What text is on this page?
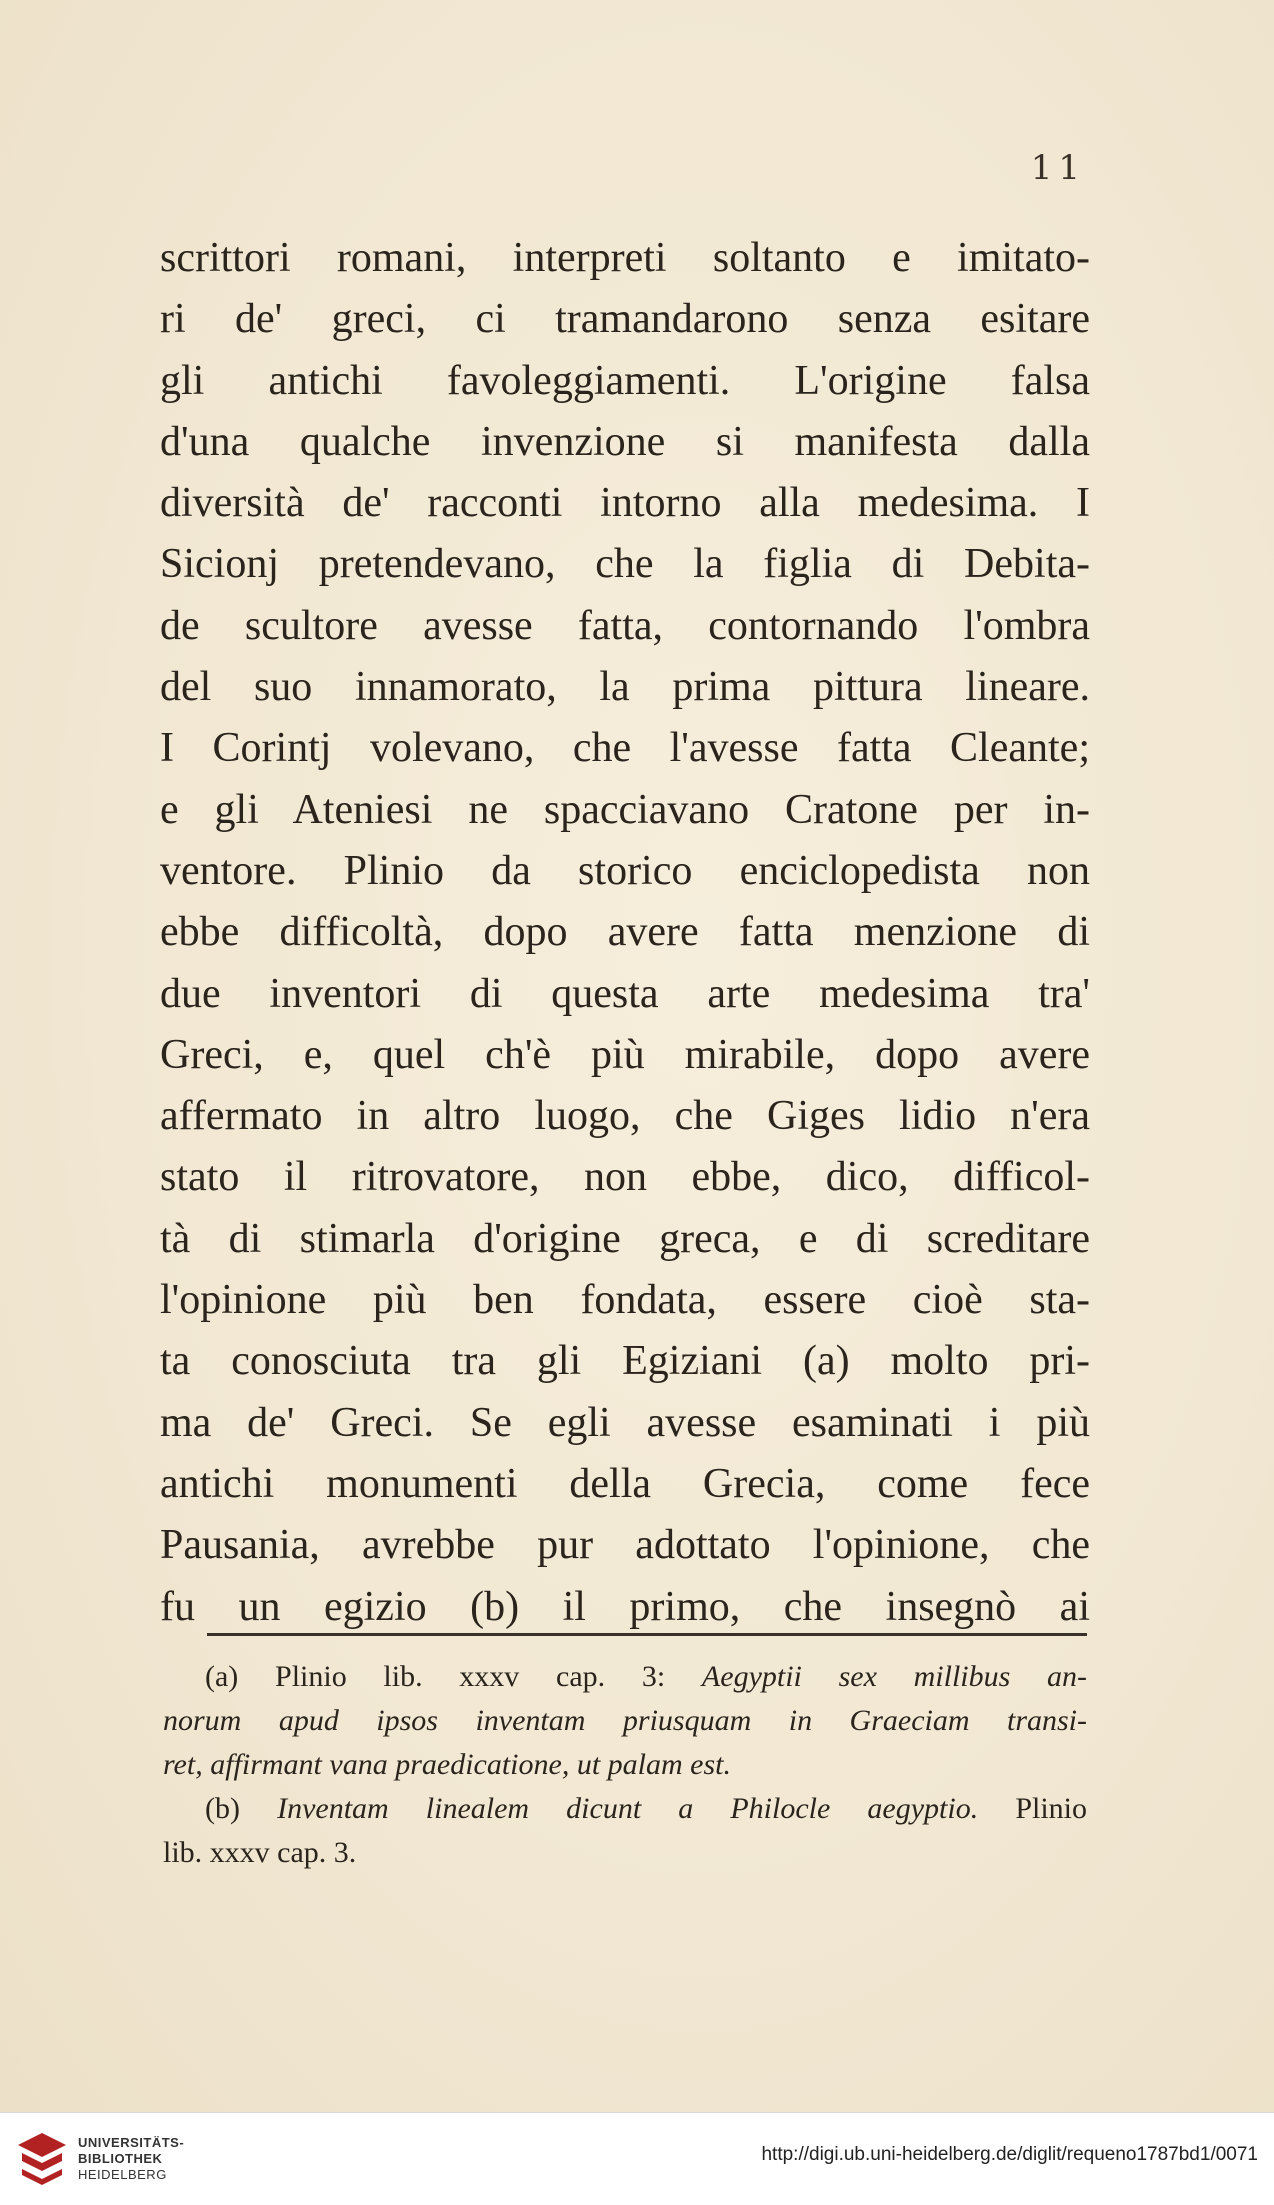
11
scrittori romani, interpreti soltanto e imitato-
ri de' greci, ci tramandarono senza esitare
gli antichi favoleggiamenti. L'origine falsa
d'una qualche invenzione si manifesta dalla
diversità de' racconti intorno alla medesima. I
Sicionj pretendevano, che la figlia di Debita-
de scultore avesse fatta, contornando l'ombra
del suo innamorato, la prima pittura lineare.
I Corintj volevano, che l'avesse fatta Cleante;
e gli Ateniesi ne spacciavano Cratone per in-
ventore. Plinio da storico enciclopedista non
ebbe difficoltà, dopo avere fatta menzione di
due inventori di questa arte medesima tra'
Greci, e, quel ch'è più mirabile, dopo avere
affermato in altro luogo, che Giges lidio n'era
stato il ritrovatore, non ebbe, dico, difficol-
tà di stimarla d'origine greca, e di screditare
l'opinione più ben fondata, essere cioè sta-
ta conosciuta tra gli Egiziani (a) molto pri-
ma de' Greci. Se egli avesse esaminati i più
antichi monumenti della Grecia, come fece
Pausania, avrebbe pur adottato l'opinione, che
fu un egizio (b) il primo, che insegnò ai
(a) Plinio lib. xxxv cap. 3: Aegyptii sex millibus an-
norum apud ipsos inventam priusquam in Graeciam transi-
ret, affirmant vana praedicatione, ut palam est.
(b) Inventam linealem dicunt a Philocle aegyptio. Plinio
lib. xxxv cap. 3.
UNIVERSITÄTS-
BIBLIOTHEK
HEIDELBERG
http://digi.ub.uni-heidelberg.de/diglit/requeno1787bd1/0071
